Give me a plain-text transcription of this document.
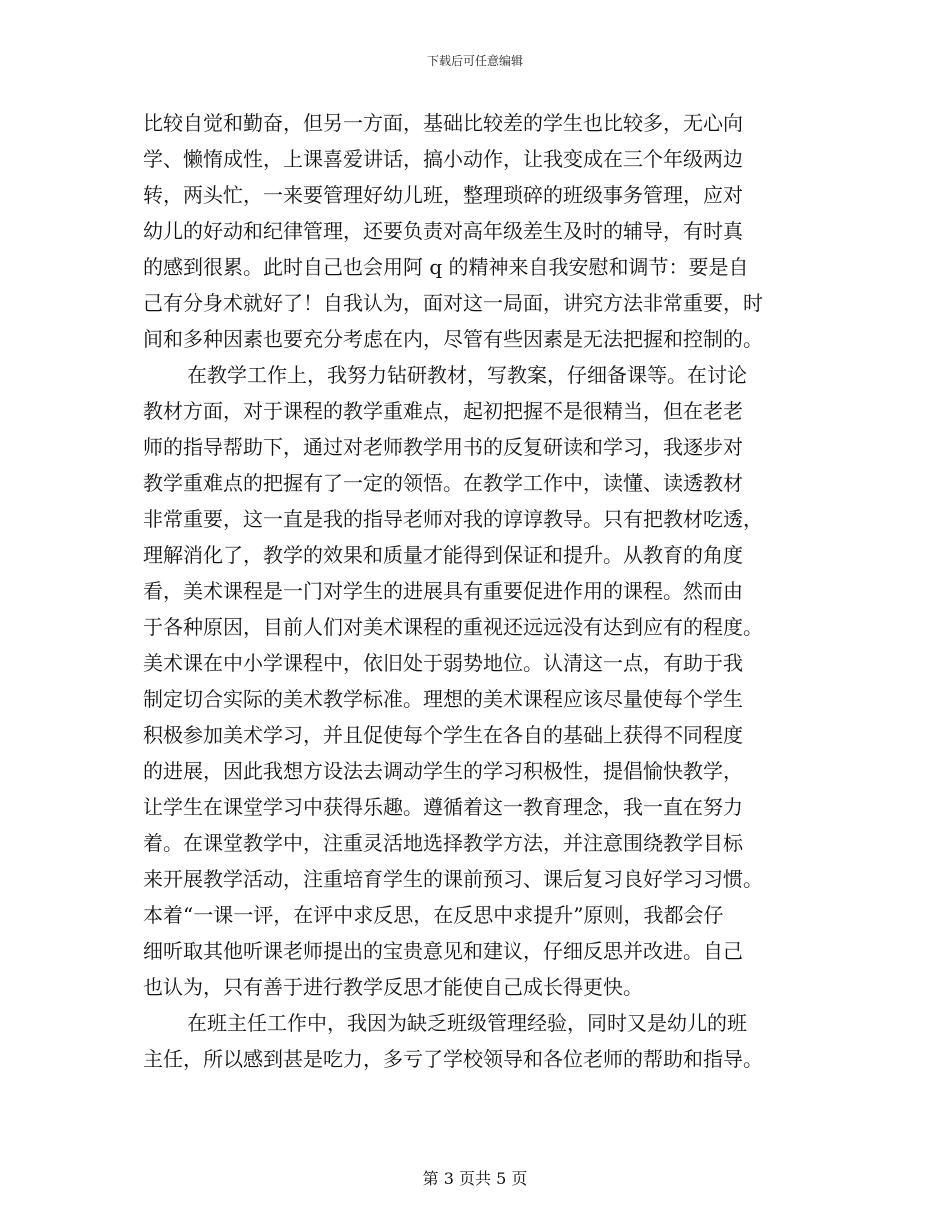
下载后可任意编辑
比较自觉和勤奋，但另一方面，基础比较差的学生也比较多，无心向
学、懒惰成性，上课喜爱讲话，搞小动作，让我变成在三个年级两边
转，两头忙，一来要管理好幼儿班，整理琐碎的班级事务管理，应对
幼儿的好动和纪律管理，还要负责对高年级差生及时的辅导，有时真
的感到很累。此时自己也会用阿 q 的精神来自我安慰和调节：要是自
己有分身术就好了！自我认为，面对这一局面，讲究方法非常重要，时
间和多种因素也要充分考虑在内，尽管有些因素是无法把握和控制的。
在教学工作上，我努力钻研教材，写教案，仔细备课等。在讨论
教材方面，对于课程的教学重难点，起初把握不是很精当，但在老老
师的指导帮助下，通过对老师教学用书的反复研读和学习，我逐步对
教学重难点的把握有了一定的领悟。在教学工作中，读懂、读透教材
非常重要，这一直是我的指导老师对我的谆谆教导。只有把教材吃透，
理解消化了，教学的效果和质量才能得到保证和提升。从教育的角度
看，美术课程是一门对学生的进展具有重要促进作用的课程。然而由
于各种原因，目前人们对美术课程的重视还远远没有达到应有的程度。
美术课在中小学课程中，依旧处于弱势地位。认清这一点，有助于我
制定切合实际的美术教学标准。理想的美术课程应该尽量使每个学生
积极参加美术学习，并且促使每个学生在各自的基础上获得不同程度
的进展，因此我想方设法去调动学生的学习积极性，提倡愉快教学，
让学生在课堂学习中获得乐趣。遵循着这一教育理念，我一直在努力
着。在课堂教学中，注重灵活地选择教学方法，并注意围绕教学目标
来开展教学活动，注重培育学生的课前预习、课后复习良好学习习惯。
本着“一课一评，在评中求反思，在反思中求提升”原则，我都会仔
细听取其他听课老师提出的宝贵意见和建议，仔细反思并改进。自己
也认为，只有善于进行教学反思才能使自己成长得更快。
在班主任工作中，我因为缺乏班级管理经验，同时又是幼儿的班
主任，所以感到甚是吃力，多亏了学校领导和各位老师的帮助和指导。
第 3 页共 5 页
